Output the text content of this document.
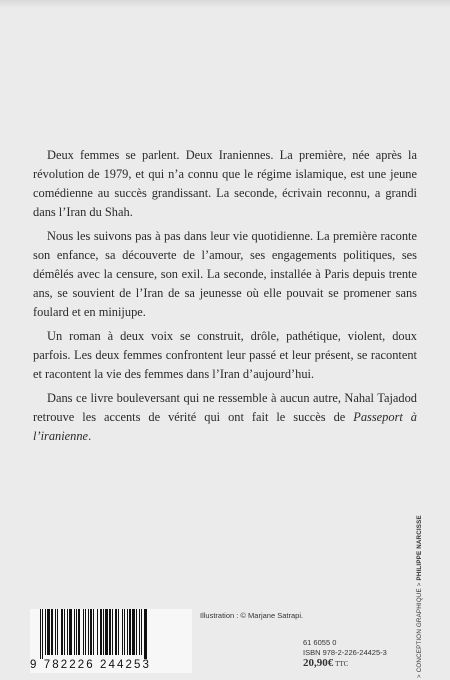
Deux femmes se parlent. Deux Iraniennes. La première, née après la révolution de 1979, et qui n’a connu que le régime islamique, est une jeune comédienne au succès grandissant. La seconde, écrivain reconnu, a grandi dans l’Iran du Shah.

Nous les suivons pas à pas dans leur vie quotidienne. La première raconte son enfance, sa découverte de l’amour, ses engagements politiques, ses démêlés avec la censure, son exil. La seconde, installée à Paris depuis trente ans, se souvient de l’Iran de sa jeunesse où elle pouvait se promener sans foulard et en minijupe.

Un roman à deux voix se construit, drôle, pathétique, violent, doux parfois. Les deux femmes confrontent leur passé et leur présent, se racontent et racontent la vie des femmes dans l’Iran d’aujourd’hui.

Dans ce livre bouleversant qui ne ressemble à aucun autre, Nahal Tajadod retrouve les accents de vérité qui ont fait le succès de Passeport à l’iranienne.

> CONCEPTION GRAPHIQUE > PHILIPPE NARCISSE
9 782226 244253
Illustration : © Marjane Satrapi.
61 6055 0
ISBN 978-2-226-24425-3
20,90€ TTC
